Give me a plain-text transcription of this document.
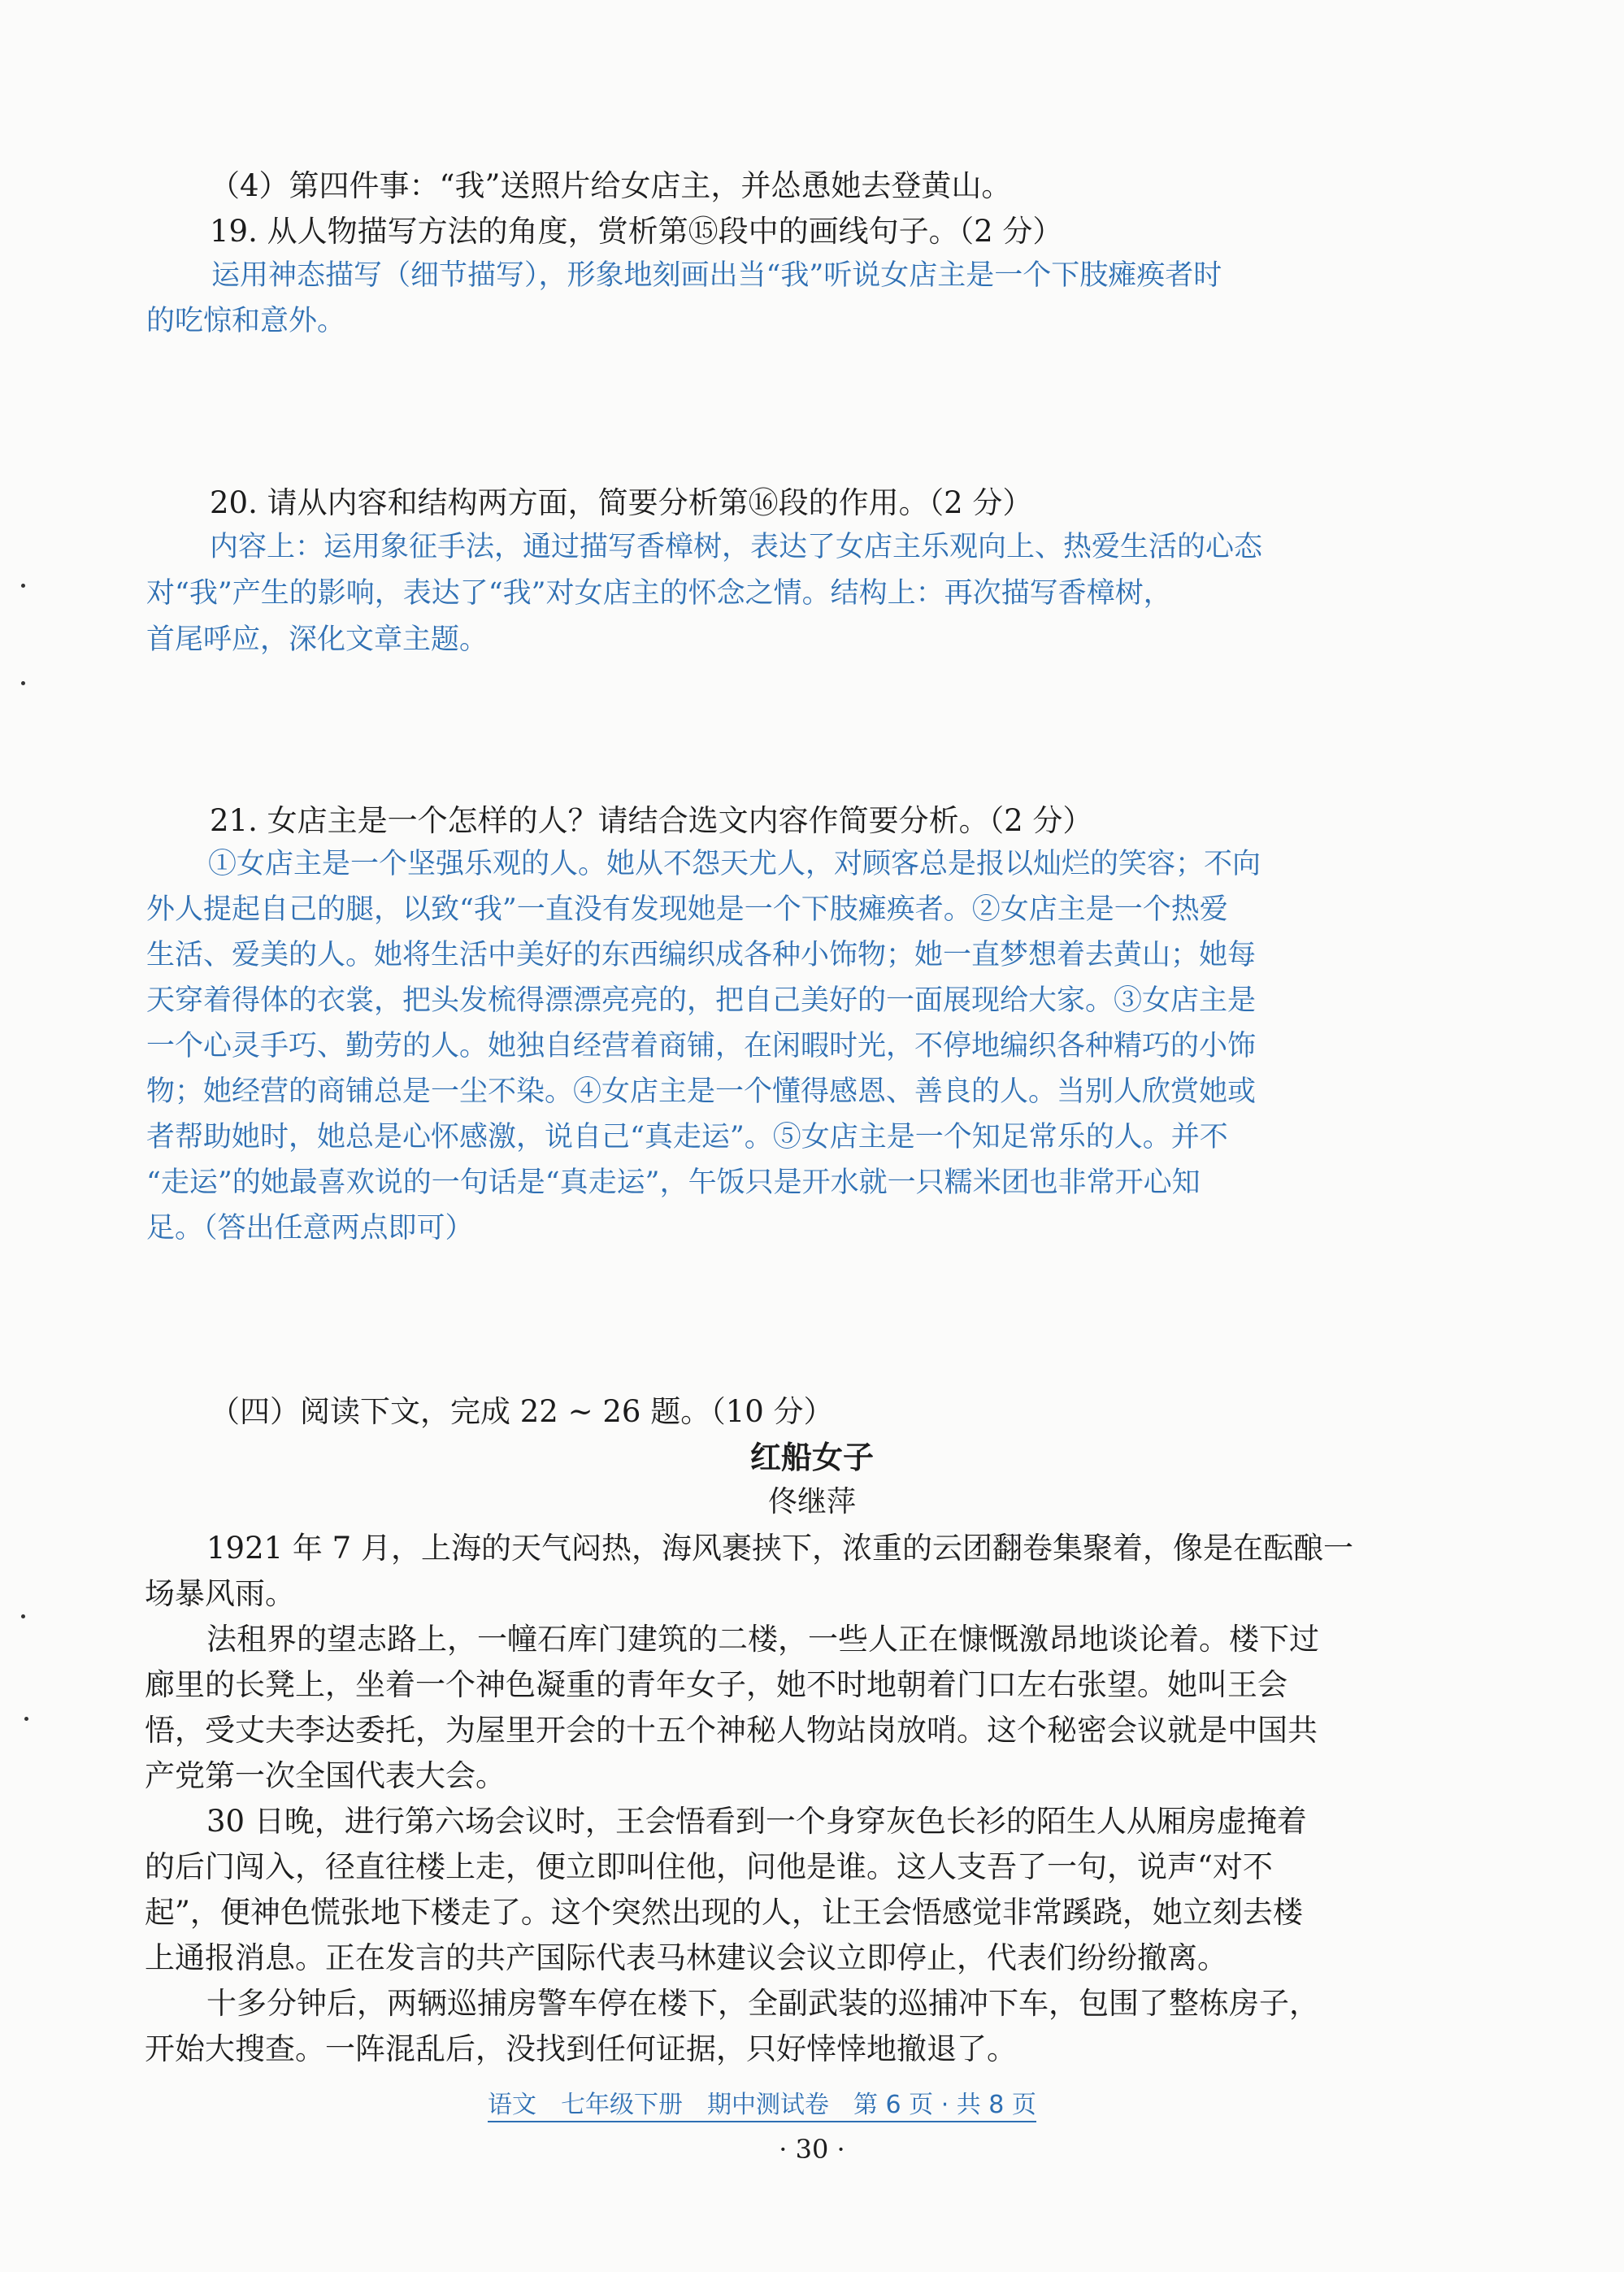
（4）第四件事：“我”送照片给女店主，并怂恿她去登黄山。

19. 从人物描写方法的角度，赏析第⑮段中的画线句子。（2 分）

运用神态描写（细节描写），形象地刻画出当“我”听说女店主是一个下肢瘫痪者时

的吃惊和意外。

20. 请从内容和结构两方面，简要分析第⑯段的作用。（2 分）

内容上：运用象征手法，通过描写香樟树，表达了女店主乐观向上、热爱生活的心态

对“我”产生的影响，表达了“我”对女店主的怀念之情。结构上：再次描写香樟树，

首尾呼应，深化文章主题。

21. 女店主是一个怎样的人？请结合选文内容作简要分析。（2 分）

①女店主是一个坚强乐观的人。她从不怨天尤人，对顾客总是报以灿烂的笑容；不向

外人提起自己的腿，以致“我”一直没有发现她是一个下肢瘫痪者。②女店主是一个热爱

生活、爱美的人。她将生活中美好的东西编织成各种小饰物；她一直梦想着去黄山；她每

天穿着得体的衣裳，把头发梳得漂漂亮亮的，把自己美好的一面展现给大家。③女店主是

一个心灵手巧、勤劳的人。她独自经营着商铺，在闲暇时光，不停地编织各种精巧的小饰

物；她经营的商铺总是一尘不染。④女店主是一个懂得感恩、善良的人。当别人欣赏她或

者帮助她时，她总是心怀感激，说自己“真走运”。⑤女店主是一个知足常乐的人。并不

“走运”的她最喜欢说的一句话是“真走运”，午饭只是开水就一只糯米团也非常开心知

足。（答出任意两点即可）

（四）阅读下文，完成 22 ~ 26 题。（10 分）

红船女子

佟继萍

1921 年 7 月，上海的天气闷热，海风裹挟下，浓重的云团翻卷集聚着，像是在酝酿一

场暴风雨。

法租界的望志路上，一幢石库门建筑的二楼，一些人正在慷慨激昂地谈论着。楼下过

廊里的长凳上，坐着一个神色凝重的青年女子，她不时地朝着门口左右张望。她叫王会

悟，受丈夫李达委托，为屋里开会的十五个神秘人物站岗放哨。这个秘密会议就是中国共

产党第一次全国代表大会。

30 日晚，进行第六场会议时，王会悟看到一个身穿灰色长衫的陌生人从厢房虚掩着

的后门闯入，径直往楼上走，便立即叫住他，问他是谁。这人支吾了一句，说声“对不

起”，便神色慌张地下楼走了。这个突然出现的人，让王会悟感觉非常蹊跷，她立刻去楼

上通报消息。正在发言的共产国际代表马林建议会议立即停止，代表们纷纷撤离。

十多分钟后，两辆巡捕房警车停在楼下，全副武装的巡捕冲下车，包围了整栋房子，

开始大搜查。一阵混乱后，没找到任何证据，只好悻悻地撤退了。

语文　七年级下册　期中测试卷　第 6 页 · 共 8 页

· 30 ·
